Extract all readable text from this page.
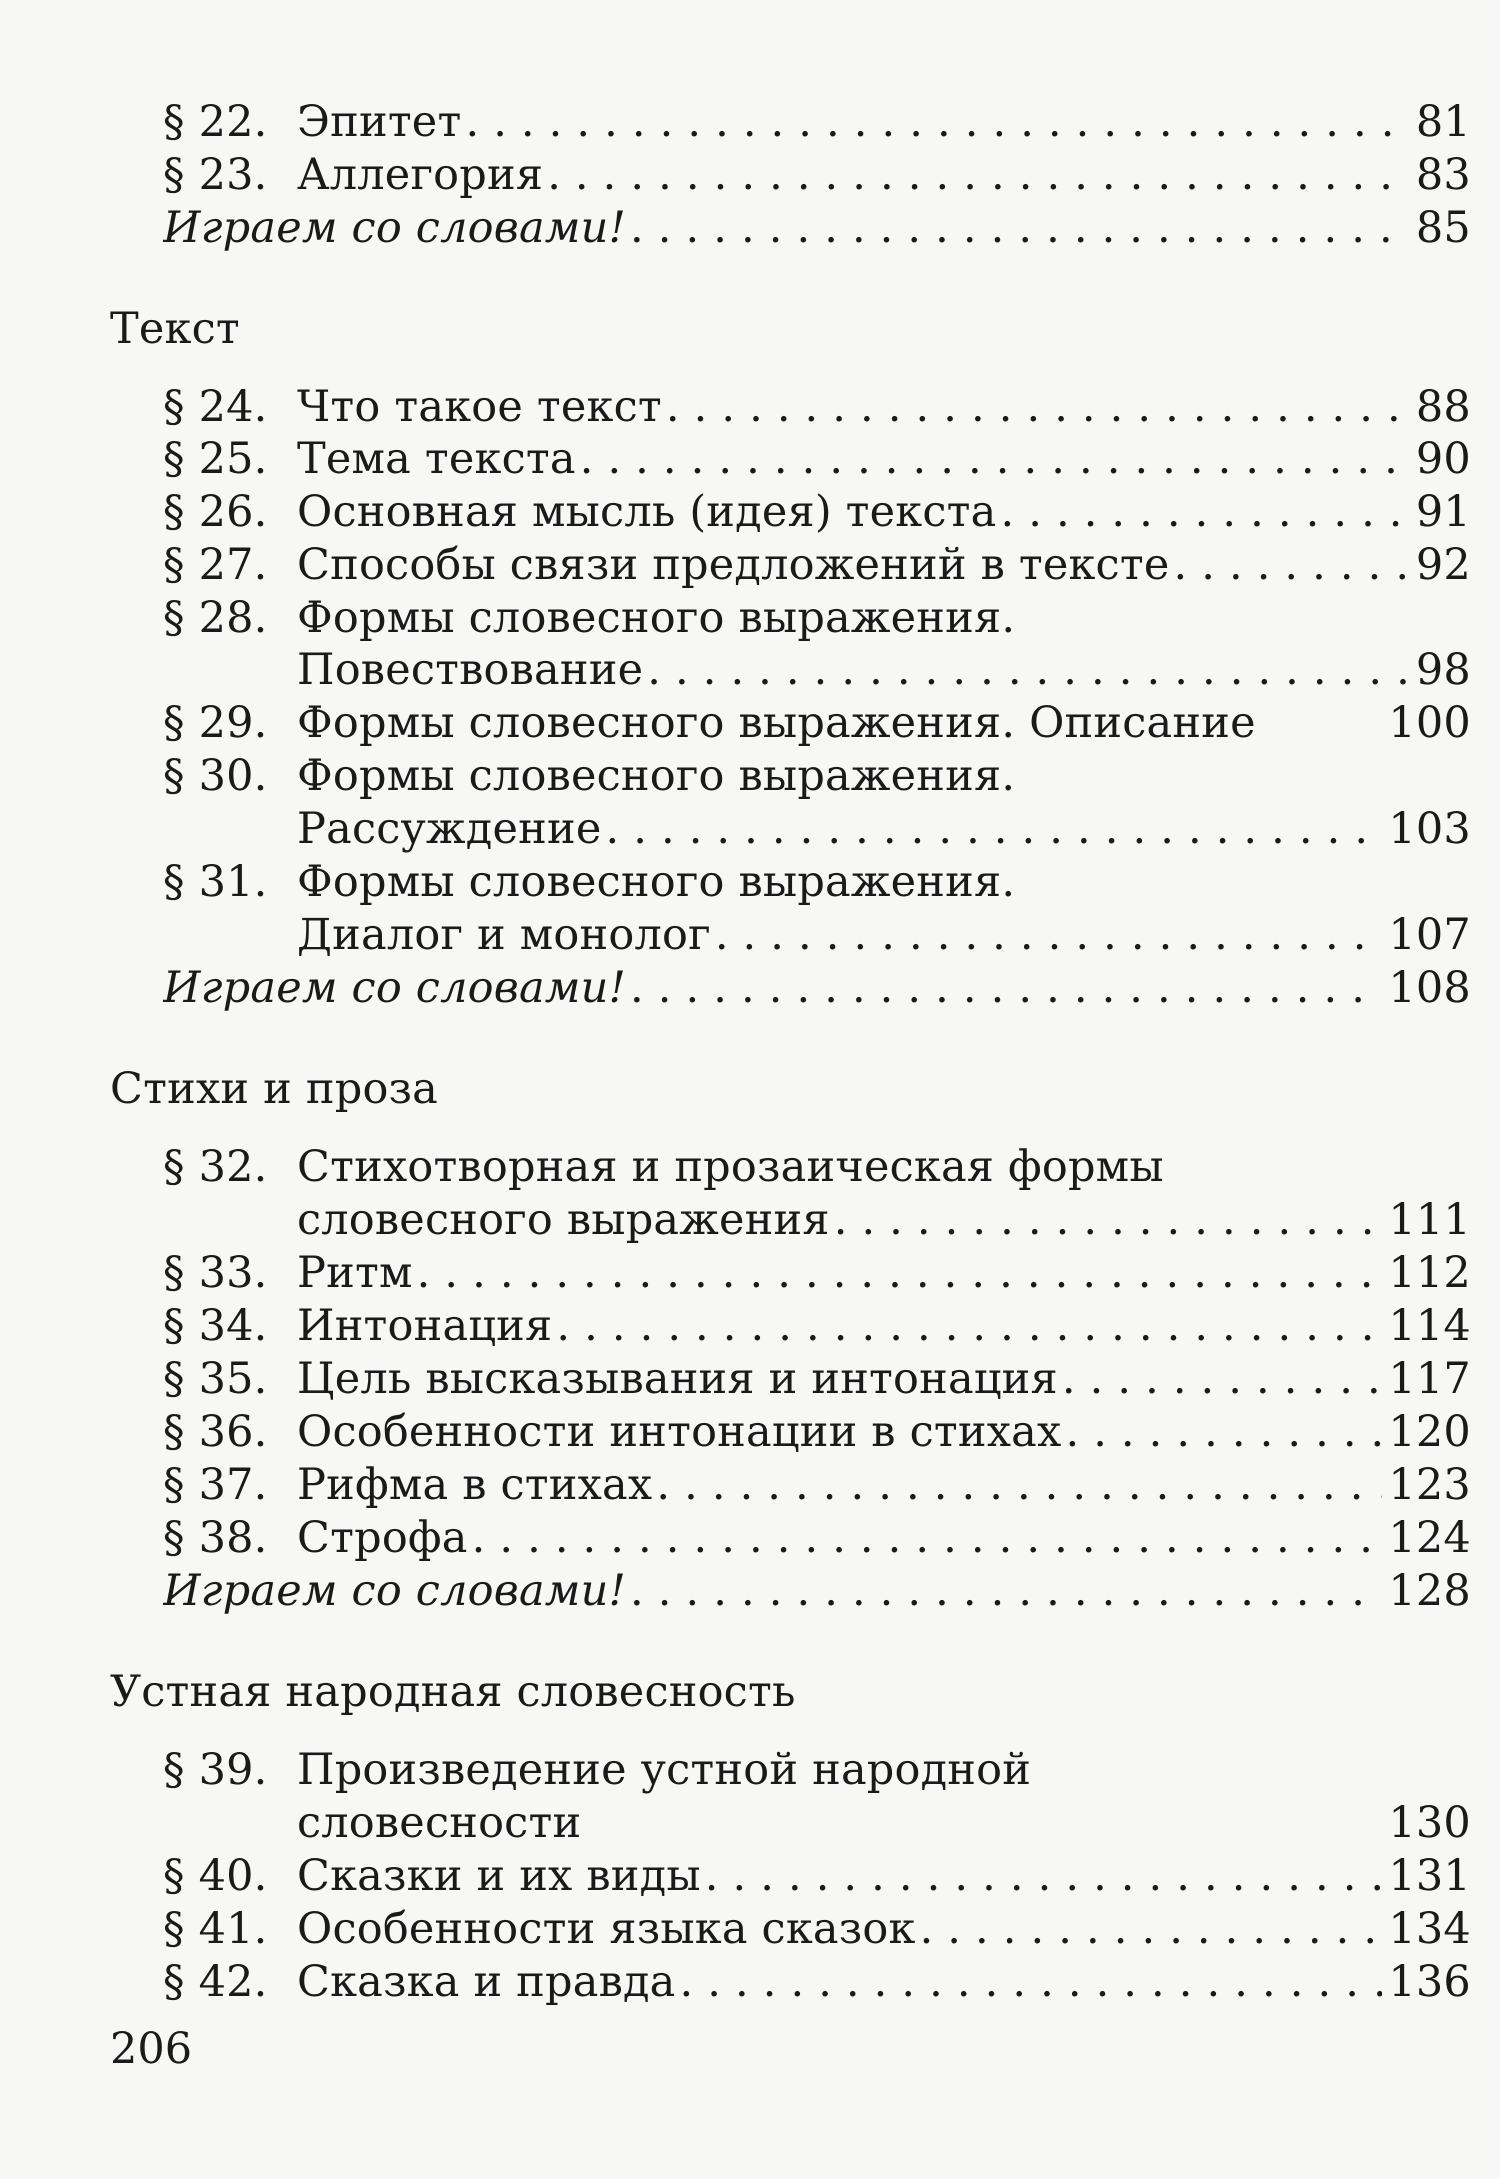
§ 22. Эпитет . . .	81
§ 23. Аллегория . . .	83
Играем со словами! . . .	85
Текст
§ 24. Что такое текст . . .	88
§ 25. Тема текста . . .	90
§ 26. Основная мысль (идея) текста . . .	91
§ 27. Способы связи предложений в тексте . . .	92
§ 28. Формы словесного выражения.
Повествование . . .	98
§ 29. Формы словесного выражения. Описание	100
§ 30. Формы словесного выражения.
Рассуждение . . .	103
§ 31. Формы словесного выражения.
Диалог и монолог . . .	107
Играем со словами! . . .	108
Стихи и проза
§ 32. Стихотворная и прозаическая формы
словесного выражения . . .	111
§ 33. Ритм . . .	112
§ 34. Интонация . . .	114
§ 35. Цель высказывания и интонация . . .	117
§ 36. Особенности интонации в стихах . . .	120
§ 37. Рифма в стихах . . .	123
§ 38. Строфа . . .	124
Играем со словами! . . .	128
Устная народная словесность
§ 39. Произведение устной народной
словесности	130
§ 40. Сказки и их виды . . .	131
§ 41. Особенности языка сказок . . .	134
§ 42. Сказка и правда . . .	136
206
